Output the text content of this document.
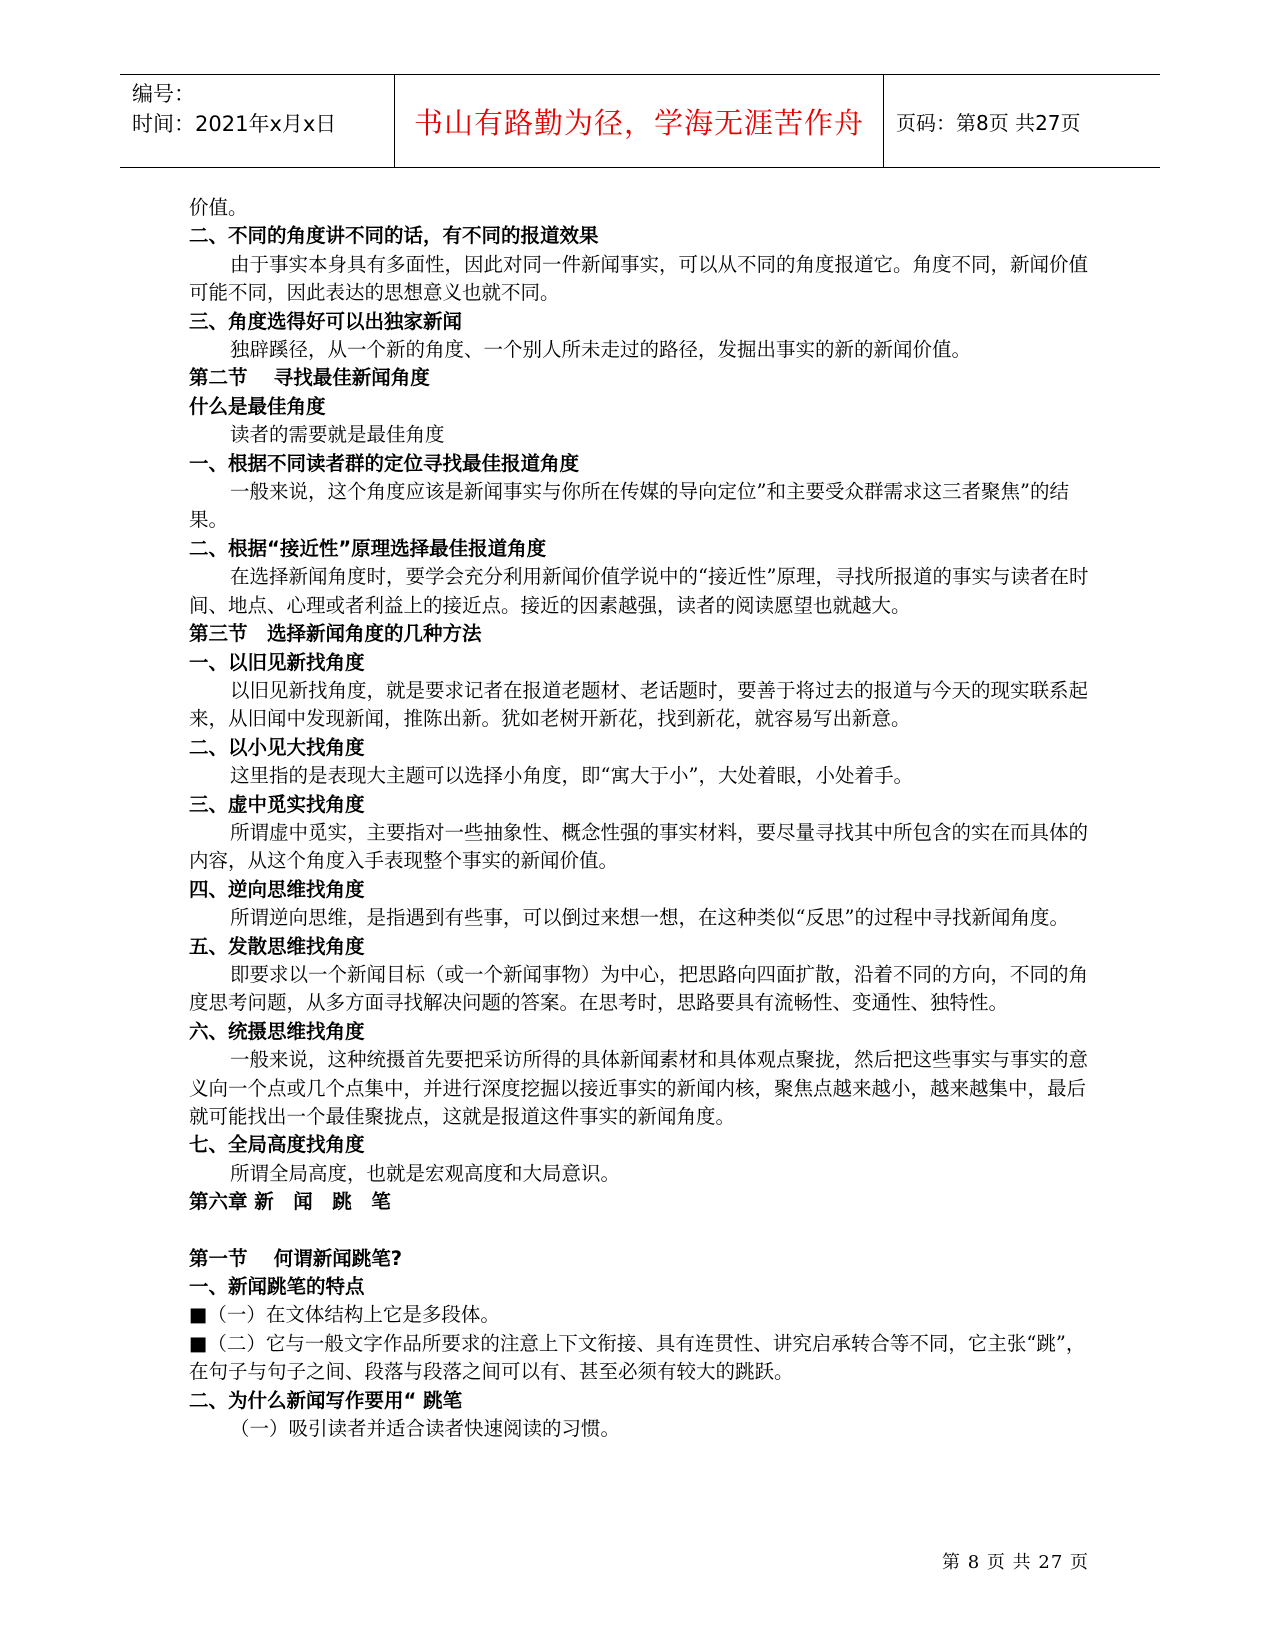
编号：
时间：2021年x月x日	书山有路勤为径，学海无涯苦作舟	页码：第8页 共27页

价值。

二、不同的角度讲不同的话，有不同的报道效果

由于事实本身具有多面性，因此对同一件新闻事实，可以从不同的角度报道它。角度不同，新闻价值可能不同，因此表达的思想意义也就不同。

三、角度选得好可以出独家新闻

独辟蹊径，从一个新的角度、一个别人所未走过的路径，发掘出事实的新的新闻价值。

第二节　 寻找最佳新闻角度

什么是最佳角度

读者的需要就是最佳角度

一、根据不同读者群的定位寻找最佳报道角度

一般来说，这个角度应该是新闻事实与你所在传媒的导向定位”和主要受众群需求这三者聚焦”的结果。

二、根据“接近性”原理选择最佳报道角度

在选择新闻角度时，要学会充分利用新闻价值学说中的“接近性”原理，寻找所报道的事实与读者在时间、地点、心理或者利益上的接近点。接近的因素越强，读者的阅读愿望也就越大。

第三节　选择新闻角度的几种方法

一、以旧见新找角度

以旧见新找角度，就是要求记者在报道老题材、老话题时，要善于将过去的报道与今天的现实联系起来，从旧闻中发现新闻，推陈出新。犹如老树开新花，找到新花，就容易写出新意。

二、以小见大找角度

这里指的是表现大主题可以选择小角度，即“寓大于小”，大处着眼，小处着手。

三、虚中觅实找角度

所谓虚中觅实，主要指对一些抽象性、概念性强的事实材料，要尽量寻找其中所包含的实在而具体的内容，从这个角度入手表现整个事实的新闻价值。

四、逆向思维找角度

所谓逆向思维，是指遇到有些事，可以倒过来想一想，在这种类似“反思”的过程中寻找新闻角度。

五、发散思维找角度

即要求以一个新闻目标（或一个新闻事物）为中心，把思路向四面扩散，沿着不同的方向，不同的角度思考问题，从多方面寻找解决问题的答案。在思考时，思路要具有流畅性、变通性、独特性。

六、统摄思维找角度

一般来说，这种统摄首先要把采访所得的具体新闻素材和具体观点聚拢，然后把这些事实与事实的意义向一个点或几个点集中，并进行深度挖掘以接近事实的新闻内核，聚焦点越来越小，越来越集中，最后就可能找出一个最佳聚拢点，这就是报道这件事实的新闻角度。

七、全局高度找角度

所谓全局高度，也就是宏观高度和大局意识。

第六章 新　闻　跳　笔

第一节　 何谓新闻跳笔?

一、新闻跳笔的特点

■（一）在文体结构上它是多段体。

■（二）它与一般文字作品所要求的注意上下文衔接、具有连贯性、讲究启承转合等不同，它主张“跳”，在句子与句子之间、段落与段落之间可以有、甚至必须有较大的跳跃。

二、为什么新闻写作要用“ 跳笔

（一）吸引读者并适合读者快速阅读的习惯。

第 8 页 共 27 页
